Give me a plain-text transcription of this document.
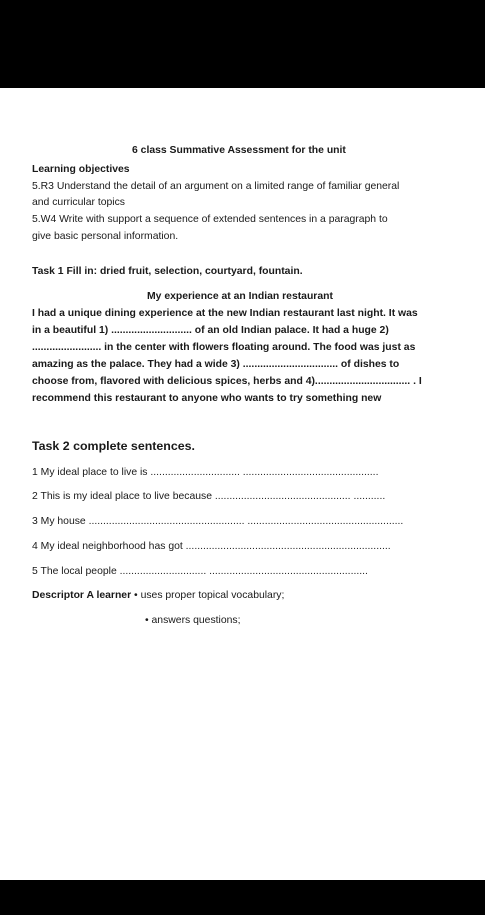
6 class Summative Assessment for the unit
Learning objectives
5.R3 Understand the detail of an argument on a limited range of familiar general
and curricular topics
5.W4 Write with support a sequence of extended sentences in a paragraph to
give basic personal information.
Task 1 Fill in: dried fruit, selection, courtyard, fountain.
My experience at an Indian restaurant
I had a unique dining experience at the new Indian restaurant last night. It was
in a beautiful 1) ............................ of an old Indian palace. It had a huge 2)
........................ in the center with flowers floating around. The food was just as
amazing as the palace. They had a wide 3) ................................. of dishes to
choose from, flavored with delicious spices, herbs and 4)................................. . I
recommend this restaurant to anyone who wants to try something new
Task 2 complete sentences.
1 My ideal place to live is ............................... ...............................................
2 This is my ideal place to live because ............................................... ...........
3 My house ...................................................... ......................................................
4 My ideal neighborhood has got .......................................................................
5 The local people .............................. .......................................................
Descriptor A learner • uses proper topical vocabulary;
• answers questions;
